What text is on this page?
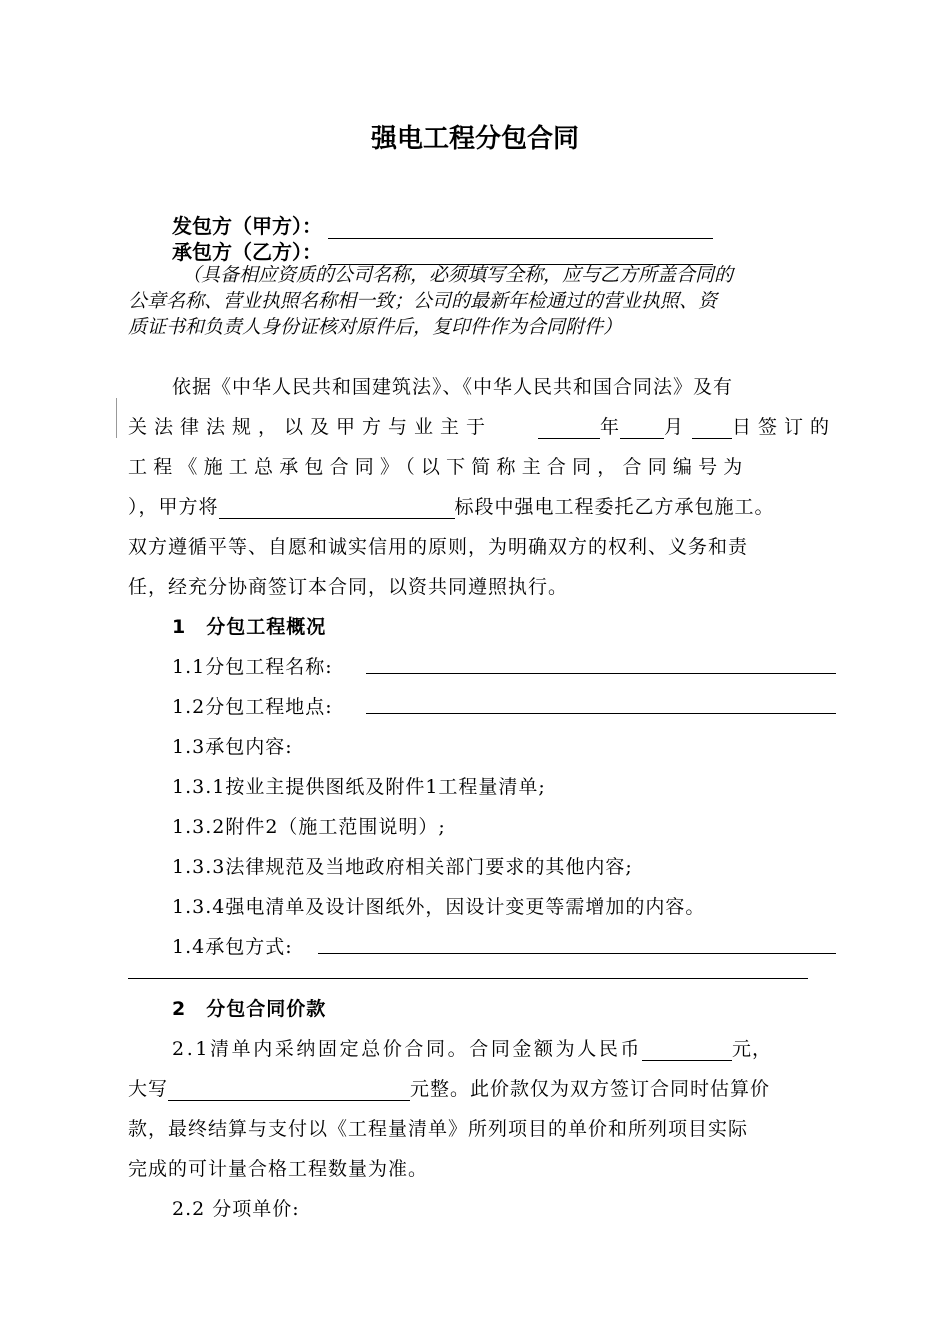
强电工程分包合同
发包方（甲方）：
承包方（乙方）：
（具备相应资质的公司名称，必须填写全称，应与乙方所盖合同的
公章名称、营业执照名称相一致；公司的最新年检通过的营业执照、资
质证书和负责人身份证核对原件后，复印件作为合同附件）
依据《中华人民共和国建筑法》、《中华人民共和国合同法》及有
关法律法规，以及甲方与业主于	年 月	日签订的
工程《施工总承包合同》（以下简称主合同，合同编号为
），甲方将	标段中强电工程委托乙方承包施工。
双方遵循平等、自愿和诚实信用的原则，为明确双方的权利、义务和责
任，经充分协商签订本合同，以资共同遵照执行。
1　分包工程概况
1.1分包工程名称:
1.2分包工程地点:
1.3承包内容:
1.3.1按业主提供图纸及附件1工程量清单;
1.3.2附件2（施工范围说明）;
1.3.3法律规范及当地政府相关部门要求的其他内容;
1.3.4强电清单及设计图纸外，因设计变更等需增加的内容。
1.4承包方式:
2　分包合同价款
2.1清单内采纳固定总价合同。合同金额为人民币	元，
大写	元整。此价款仅为双方签订合同时估算价
款，最终结算与支付以《工程量清单》所列项目的单价和所列项目实际
完成的可计量合格工程数量为准。
2.2 分项单价:
